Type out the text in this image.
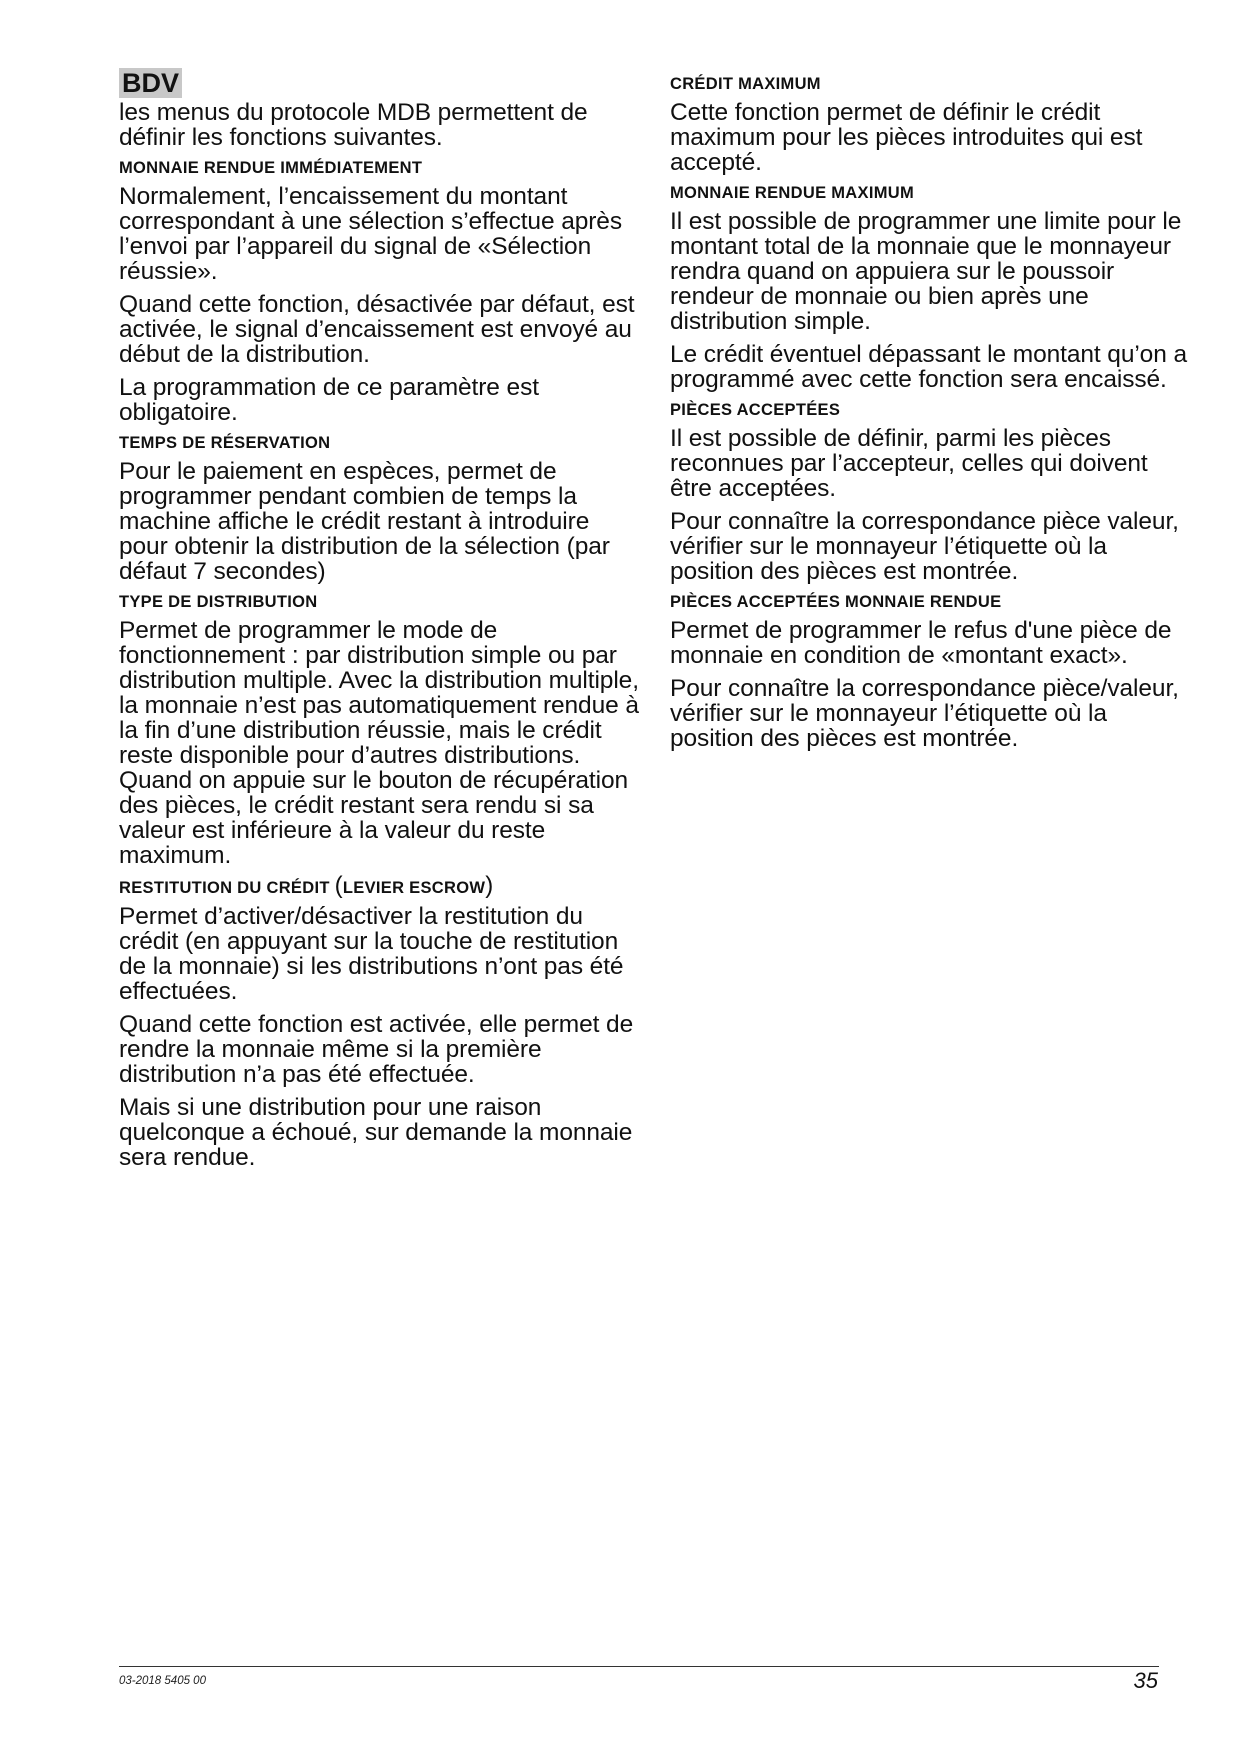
BDV

les menus du protocole MDB permettent de définir les fonctions suivantes.

MONNAIE RENDUE IMMÉDIATEMENT

Normalement, l’encaissement du montant correspondant à une sélection s’effectue après l’envoi par l’appareil du signal de «Sélection réussie».

Quand cette fonction, désactivée par défaut, est activée, le signal d’encaissement est envoyé au début de la distribution.

La programmation de ce paramètre est obligatoire.

TEMPS DE RÉSERVATION

Pour le paiement en espèces, permet de programmer pendant combien de temps la machine affiche le crédit restant à introduire pour obtenir la distribution de la sélection (par défaut 7 secondes)

TYPE DE DISTRIBUTION

Permet de programmer le mode de fonctionnement : par distribution simple ou par distribution multiple. Avec la distribution multiple, la monnaie n’est pas automatiquement rendue à la fin d’une distribution réussie, mais le crédit reste disponible pour d’autres distributions. Quand on appuie sur le bouton de récupération des pièces, le crédit restant sera rendu si sa valeur est inférieure à la valeur du reste maximum.

RESTITUTION DU CRÉDIT (LEVIER ESCROW)

Permet d’activer/désactiver la restitution du crédit (en appuyant sur la touche de restitution de la monnaie) si les distributions n’ont pas été effectuées.

Quand cette fonction est activée, elle permet de rendre la monnaie même si la première distribution n’a pas été effectuée.

Mais si une distribution pour une raison quelconque a échoué, sur demande la monnaie sera rendue.

CRÉDIT MAXIMUM

Cette fonction permet de définir le crédit maximum pour les pièces introduites qui est accepté.

MONNAIE RENDUE MAXIMUM

Il est possible de programmer une limite pour le montant total de la monnaie que le monnayeur rendra quand on appuiera sur le poussoir rendeur de monnaie ou bien après une distribution simple.

Le crédit éventuel dépassant le montant qu’on a programmé avec cette fonction sera encaissé.

PIÈCES ACCEPTÉES

Il est possible de définir, parmi les pièces reconnues par l’accepteur, celles qui doivent être acceptées.

Pour connaître la correspondance pièce valeur, vérifier sur le monnayeur l’étiquette où la position des pièces est montrée.

PIÈCES ACCEPTÉES MONNAIE RENDUE

Permet de programmer le refus d'une pièce de monnaie en condition de «montant exact».

Pour connaître la correspondance pièce/valeur, vérifier sur le monnayeur l’étiquette où la position des pièces est montrée.

03-2018 5405 00	35
